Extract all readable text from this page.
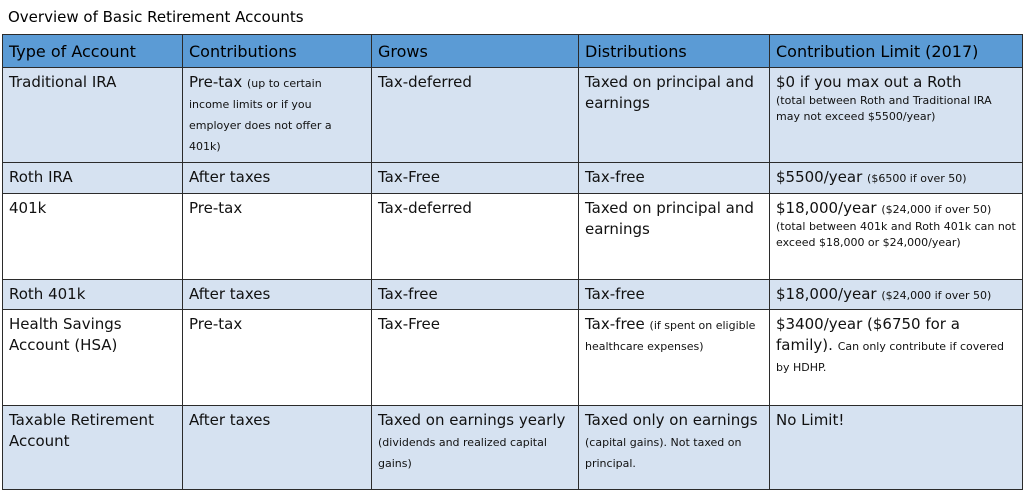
Overview of Basic Retirement Accounts
Type of Account	Contributions	Grows	Distributions	Contribution Limit (2017)
Traditional IRA	Pre-tax (up to certain income limits or if you employer does not offer a 401k)	Tax-deferred	Taxed on principal and earnings	$0 if you max out a Roth
(total between Roth and Traditional IRA may not exceed $5500/year)

Roth IRA	After taxes	Tax-Free	Tax-free	$5500/year ($6500 if over 50)
401k	Pre-tax	Tax-deferred	Taxed on principal and earnings	$18,000/year ($24,000 if over 50)
(total between 401k and Roth 401k can not exceed $18,000 or $24,000/year)

Roth 401k	After taxes	Tax-free	Tax-free	$18,000/year ($24,000 if over 50)
Health Savings Account (HSA)	Pre-tax	Tax-Free	Tax-free (if spent on eligible healthcare expenses)	$3400/year ($6750 for a family). Can only contribute if covered by HDHP.
Taxable Retirement Account	After taxes	Taxed on earnings yearly (dividends and realized capital gains)	Taxed only on earnings (capital gains). Not taxed on principal.	No Limit!
